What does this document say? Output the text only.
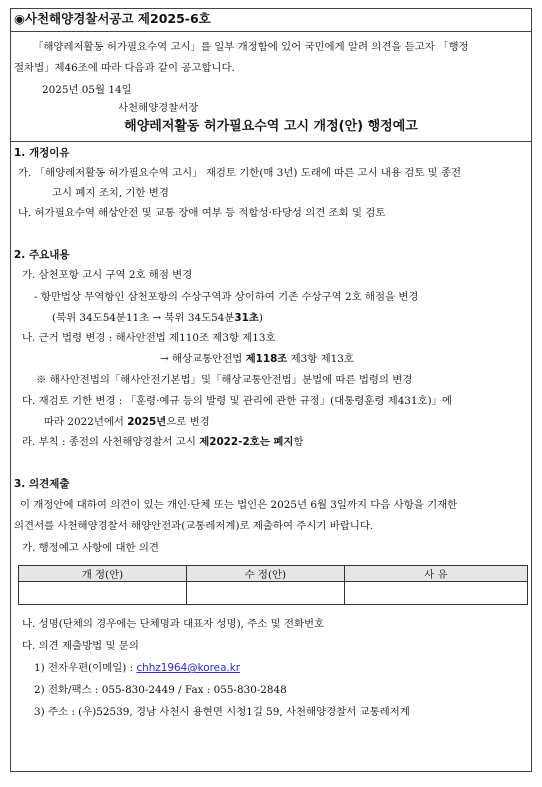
◉사천해양경찰서공고 제2025-6호
「해양레저활동 허가필요수역 고시」를 일부 개정함에 있어 국민에게 알려 의견을 듣고자 「행정
절차법」제46조에 따라 다음과 같이 공고합니다.
2025년 05월 14일
사천해양경찰서장
해양레저활동 허가필요수역 고시 개정(안) 행정예고
1. 개정이유
가. 「해양레저활동 허가필요수역 고시」 재검토 기한(매 3년) 도래에 따른 고시 내용 검토 및 종전
고시 폐지 조치, 기한 변경
나. 허가필요수역 해상안전 및 교통 장애 여부 등 적합성·타당성 의견 조회 및 검토
2. 주요내용
가. 삼천포항 고시 구역 2호 해점 변경
- 항만법상 무역항인 삼천포항의 수상구역과 상이하여 기존 수상구역 2호 해점을 변경
(북위 34도54분11초 → 북위 34도54분31초)
나. 근거 법령 변경 : 해사안전법 제110조 제3항 제13호
→ 해상교통안전법 제118조 제3항 제13호
※ 해사안전법의「해사안전기본법」및「해상교통안전법」분법에 따른 법령의 변경
다. 재검토 기한 변경 : 「훈령·예규 등의 발령 및 관리에 관한 규정」(대통령훈령 제431호)」에
따라 2022년에서 2025년으로 변경
라. 부칙 : 종전의 사천해양경찰서 고시 제2022-2호는 폐지함
3. 의견제출
이 개정안에 대하여 의견이 있는 개인·단체 또는 법인은 2025년 6월 3일까지 다음 사항을 기재한
의견서를 사천해양경찰서 해양안전과(교통레저계)로 제출하여 주시기 바랍니다.
가. 행정예고 사항에 대한 의견
개 정(안)	수 정(안)	사 유

나. 성명(단체의 경우에는 단체명과 대표자 성명), 주소 및 전화번호
다. 의견 제출방법 및 문의
1) 전자우편(이메일) : chhz1964@korea.kr
2) 전화/팩스 : 055-830-2449 / Fax : 055-830-2848
3) 주소 : (우)52539, 경남 사천시 용현면 시청1길 59, 사천해양경찰서 교통레저계
